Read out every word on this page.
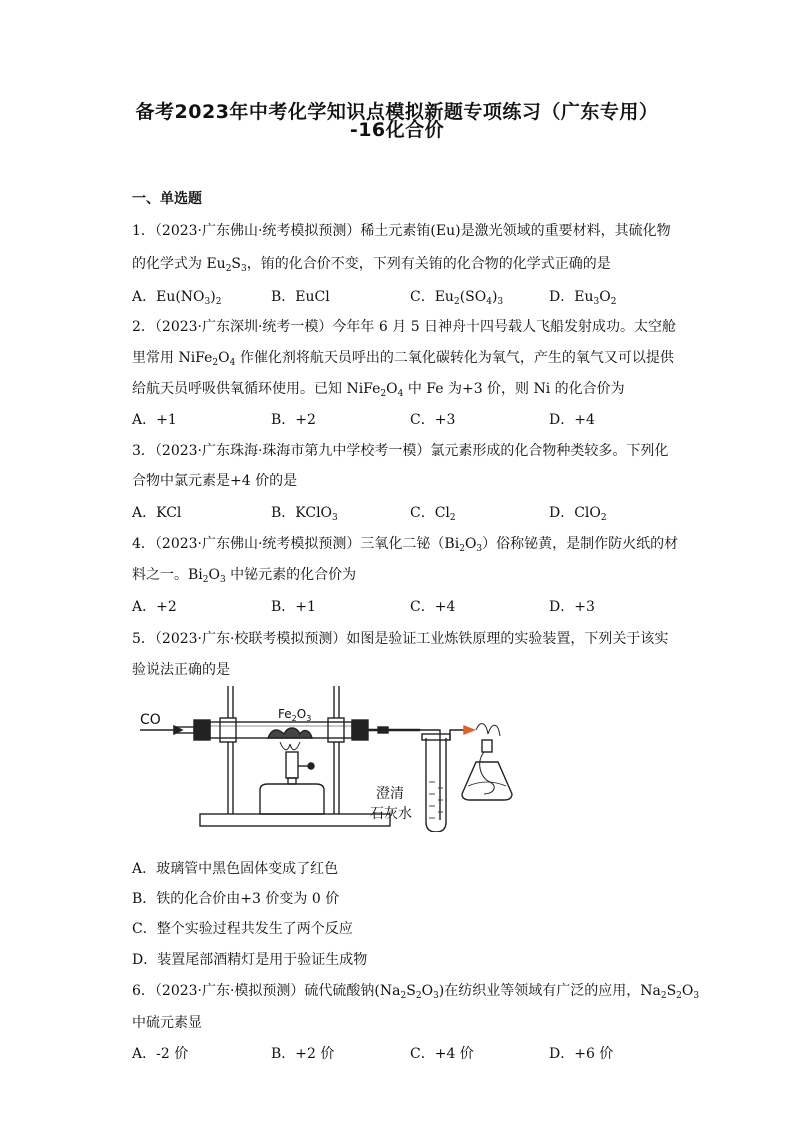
备考2023年中考化学知识点模拟新题专项练习（广东专用）
-16化合价
一、单选题
1．（2023·广东佛山·统考模拟预测）稀土元素铕(Eu)是激光领域的重要材料，其硫化物
的化学式为 $Eu_2S_3$，铕的化合价不变，下列有关铕的化合物的化学式正确的是
A．$Eu(NO_3)_2$	B．EuCl	C．$Eu_2(SO_4)_3$	D．$Eu_3O_2$
2．（2023·广东深圳·统考一模）今年年 6 月 5 日神舟十四号载人飞船发射成功。太空舱
里常用 $NiFe_2O_4$ 作催化剂将航天员呼出的二氧化碳转化为氧气，产生的氧气又可以提供
给航天员呼吸供氧循环使用。已知 $NiFe_2O_4$ 中 Fe 为+3 价，则 Ni 的化合价为
A．+1	B．+2	C．+3	D．+4
3．（2023·广东珠海·珠海市第九中学校考一模）氯元素形成的化合物种类较多。下列化
合物中氯元素是+4 价的是
A．KCl	B．KClO$_3$	C．$Cl_2$	D．ClO$_2$
4．（2023·广东佛山·统考模拟预测）三氧化二铋$(Bi_2O_3)$俗称铋黄，是制作防火纸的材
料之一。$Bi_2O_3$ 中铋元素的化合价为
A．+2	B．+1	C．+4	D．+3
5．（2023·广东·校联考模拟预测）如图是验证工业炼铁原理的实验装置，下列关于该实
验说法正确的是
A．玻璃管中黑色固体变成了红色
B．铁的化合价由+3 价变为 0 价
C．整个实验过程共发生了两个反应
D．装置尾部酒精灯是用于验证生成物
6．（2023·广东·模拟预测）硫代硫酸钠$(Na_2S_2O_3)$在纺织业等领域有广泛的应用，$Na_2S_2O_3$
中硫元素显
A．-2 价	B．+2 价	C．+4 价	D．+6 价
CO	$Fe_2O_3$
澄清
石灰水
